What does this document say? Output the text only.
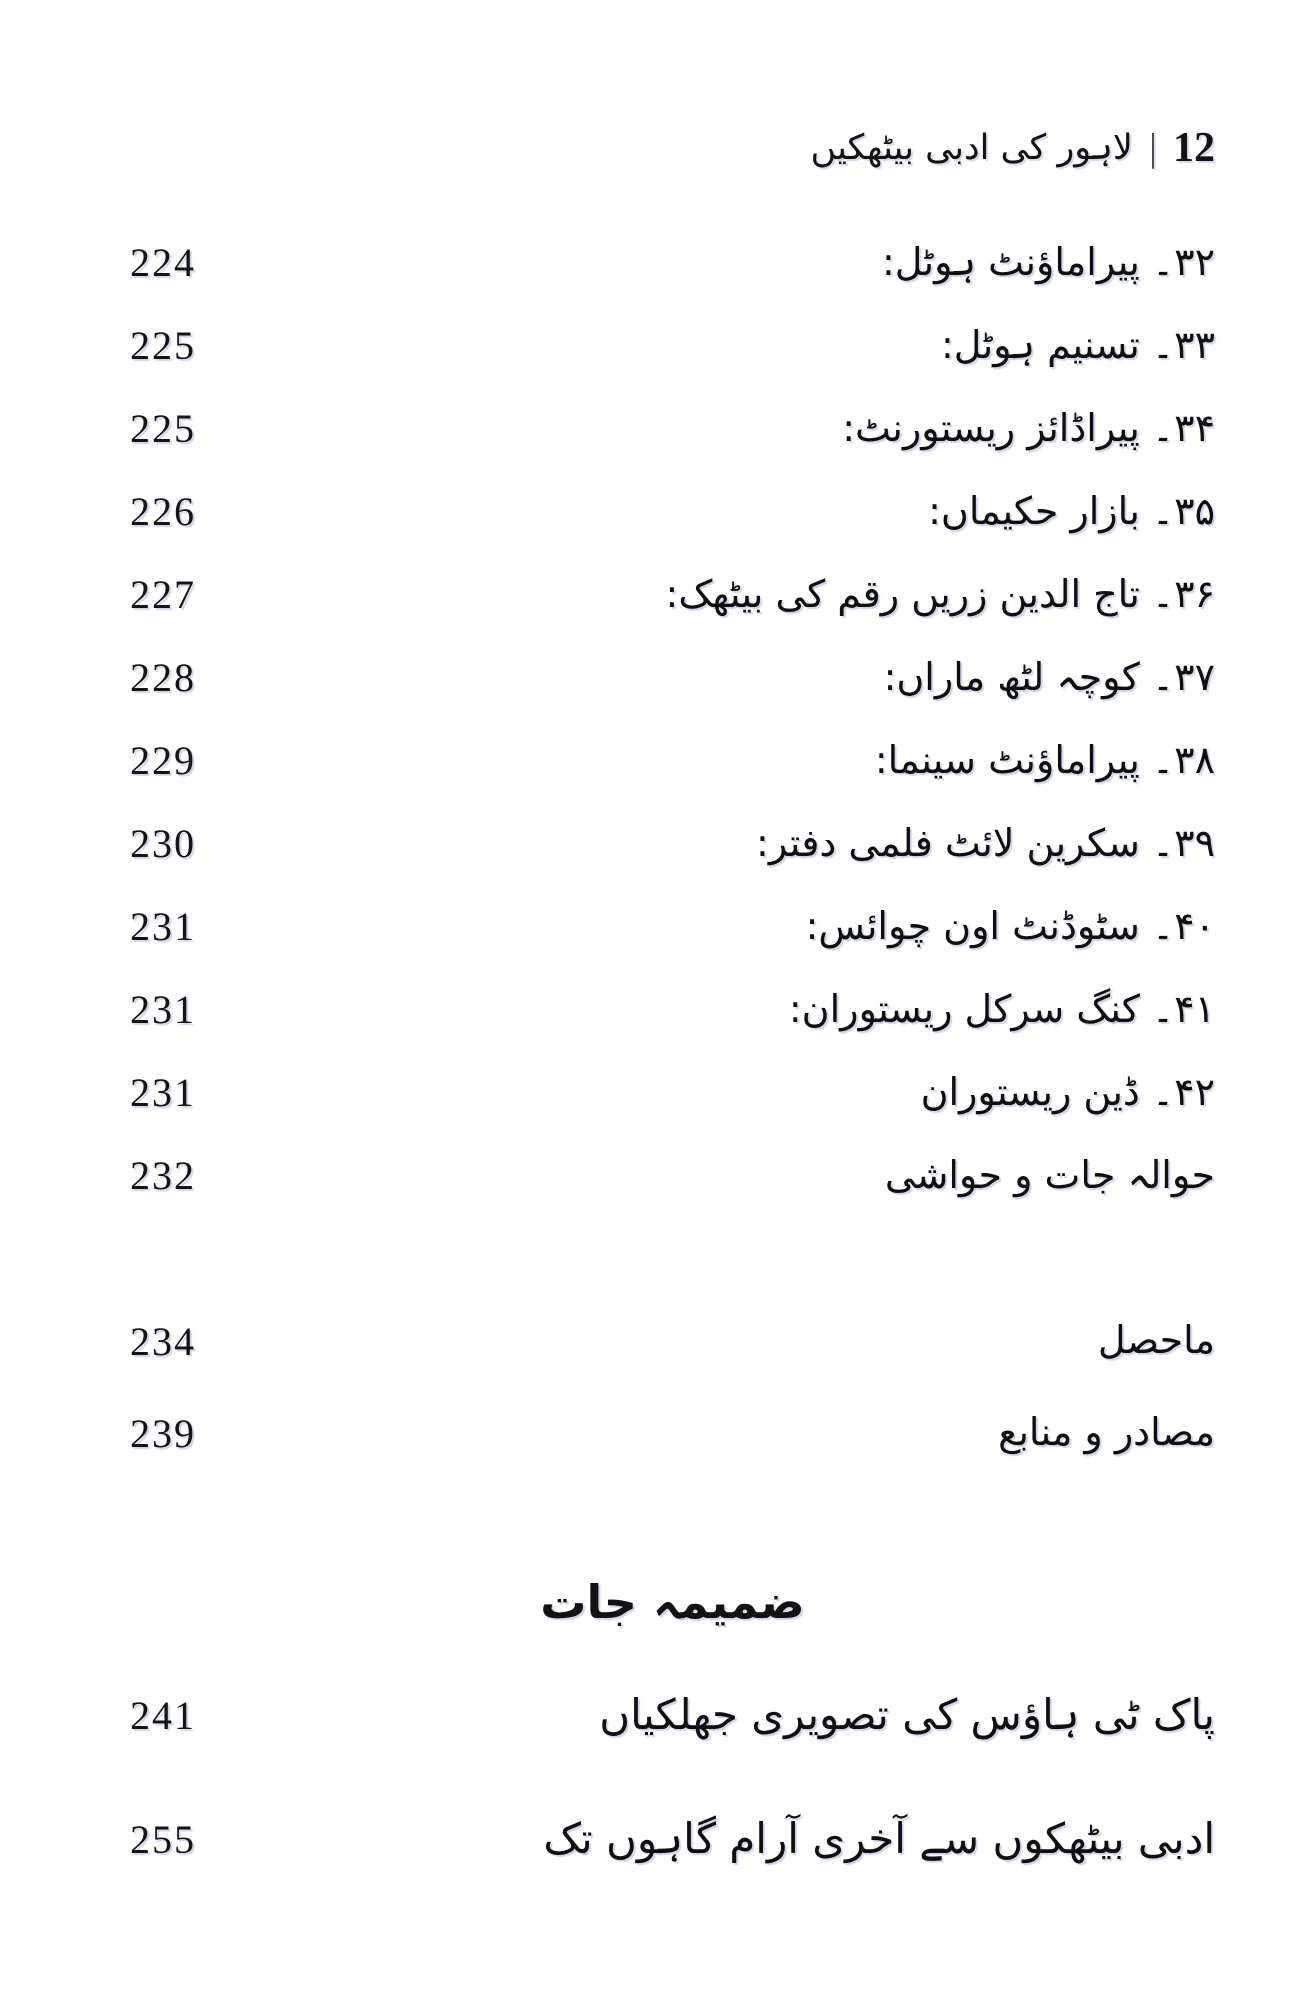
12
|
لاہور کی ادبی بیٹھکیں
224	۳۲۔ پیراماؤنٹ ہوٹل:
225	۳۳۔ تسنیم ہوٹل:
225	۳۴۔ پیراڈائز ریستورنٹ:
226	۳۵۔ بازار حکیماں:
227	۳۶۔ تاج الدین زریں رقم کی بیٹھک:
228	۳۷۔ کوچہ لٹھ ماراں:
229	۳۸۔ پیراماؤنٹ سینما:
230	۳۹۔ سکرین لائٹ فلمی دفتر:
231	۴۰۔ سٹوڈنٹ اون چوائس:
231	۴۱۔ کنگ سرکل ریستوران:
231	۴۲۔ ڈین ریستوران
232	حوالہ جات و حواشی
234	ماحصل
239	مصادر و منابع
ضمیمہ جات
241	پاک ٹی ہاؤس کی تصویری جھلکیاں
255	ادبی بیٹھکوں سے آخری آرام گاہوں تک
